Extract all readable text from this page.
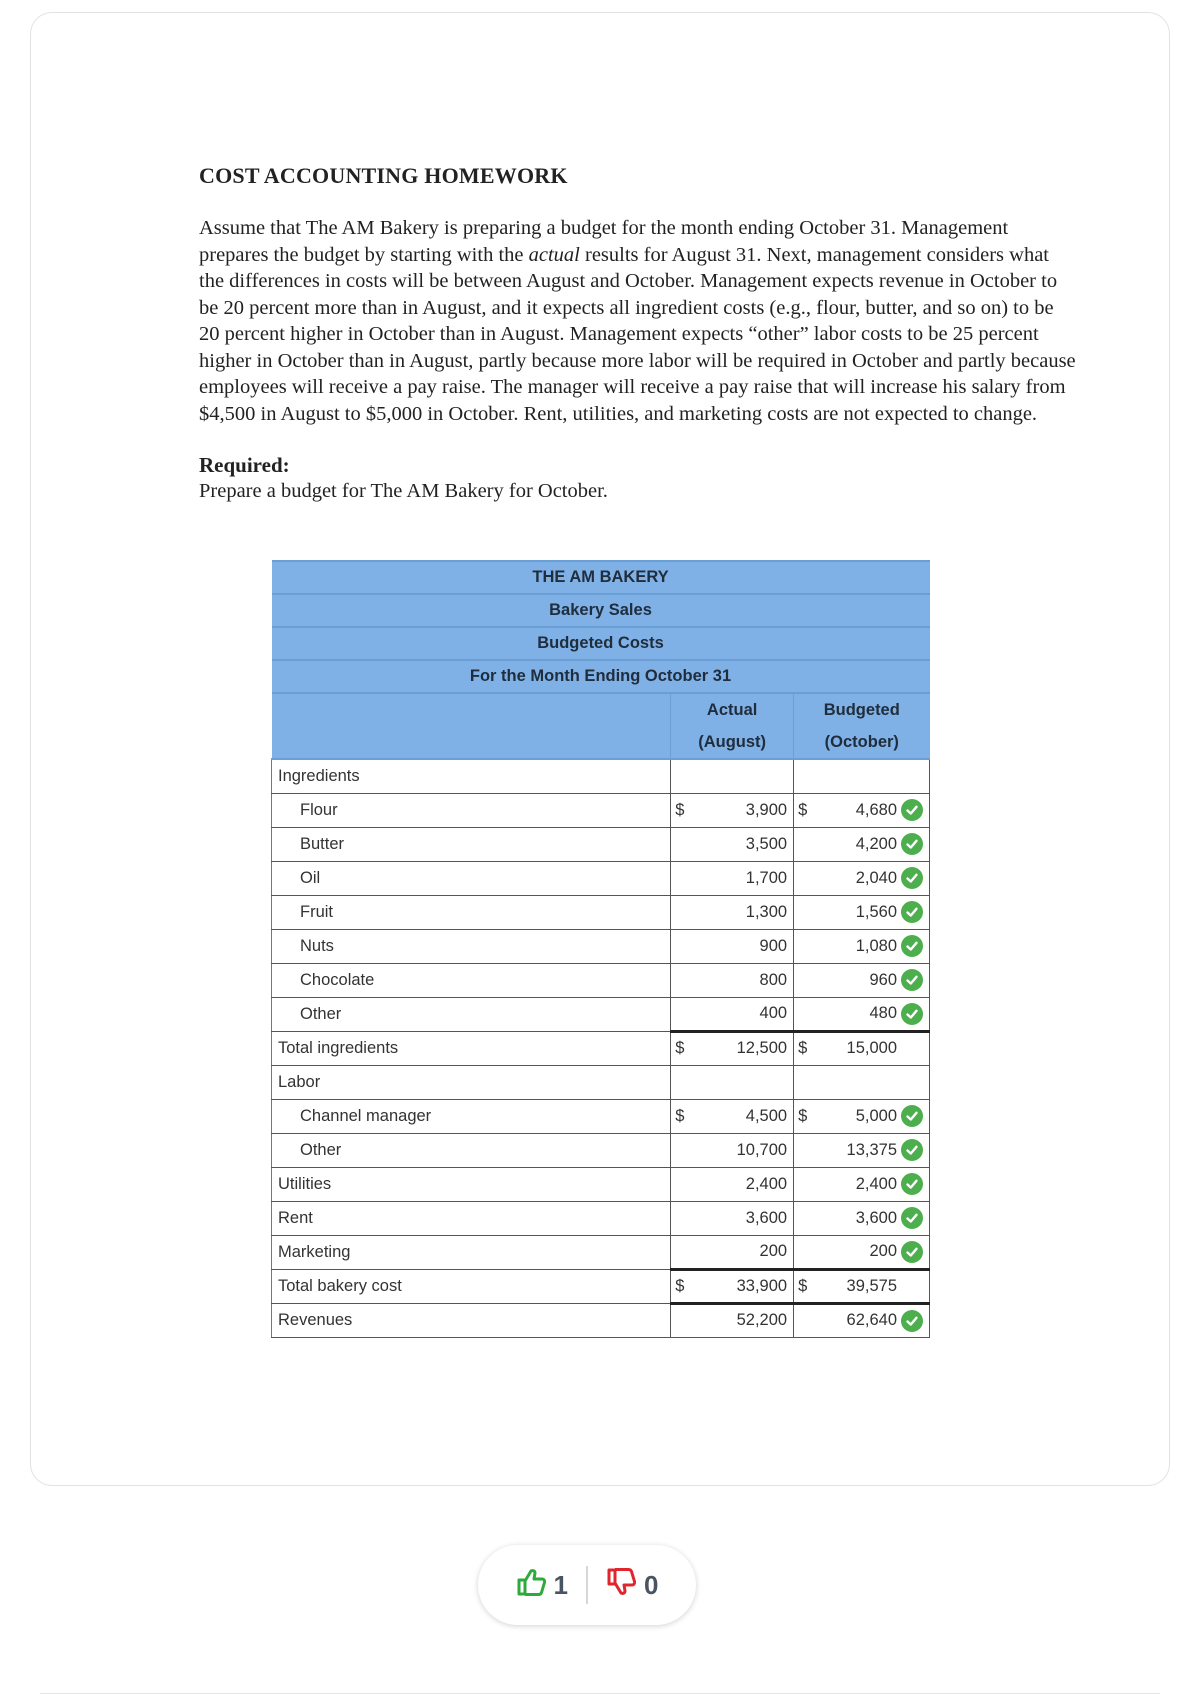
COST ACCOUNTING HOMEWORK

Assume that The AM Bakery is preparing a budget for the month ending October 31. Management prepares the budget by starting with the actual results for August 31. Next, management considers what the differences in costs will be between August and October. Management expects revenue in October to be 20 percent more than in August, and it expects all ingredient costs (e.g., flour, butter, and so on) to be 20 percent higher in October than in August. Management expects “other” labor costs to be 25 percent higher in October than in August, partly because more labor will be required in October and partly because employees will receive a pay raise. The manager will receive a pay raise that will increase his salary from $4,500 in August to $5,000 in October. Rent, utilities, and marketing costs are not expected to change.

Required:
Prepare a budget for The AM Bakery for October.
THE AM BAKERY		
Bakery Sales		
Budgeted Costs		
For the Month Ending October 31		
	Actual	Budgeted
	(August)	(October)
Ingredients	

Flour	$ 3,900	$ 4,680

Butter	3,500	4,200

Oil	1,700	2,040

Fruit	1,300	1,560

Nuts	900	1,080

Chocolate	800	960

Other	400	480

Total ingredients	$ 12,500	$ 15,000

Labor	

Channel manager	$ 4,500	$ 5,000

Other	10,700	13,375

Utilities	2,400	2,400

Rent	3,600	3,600

Marketing	200	200

Total bakery cost	$ 33,900	$ 39,575

Revenues	52,200	62,640
1	0
